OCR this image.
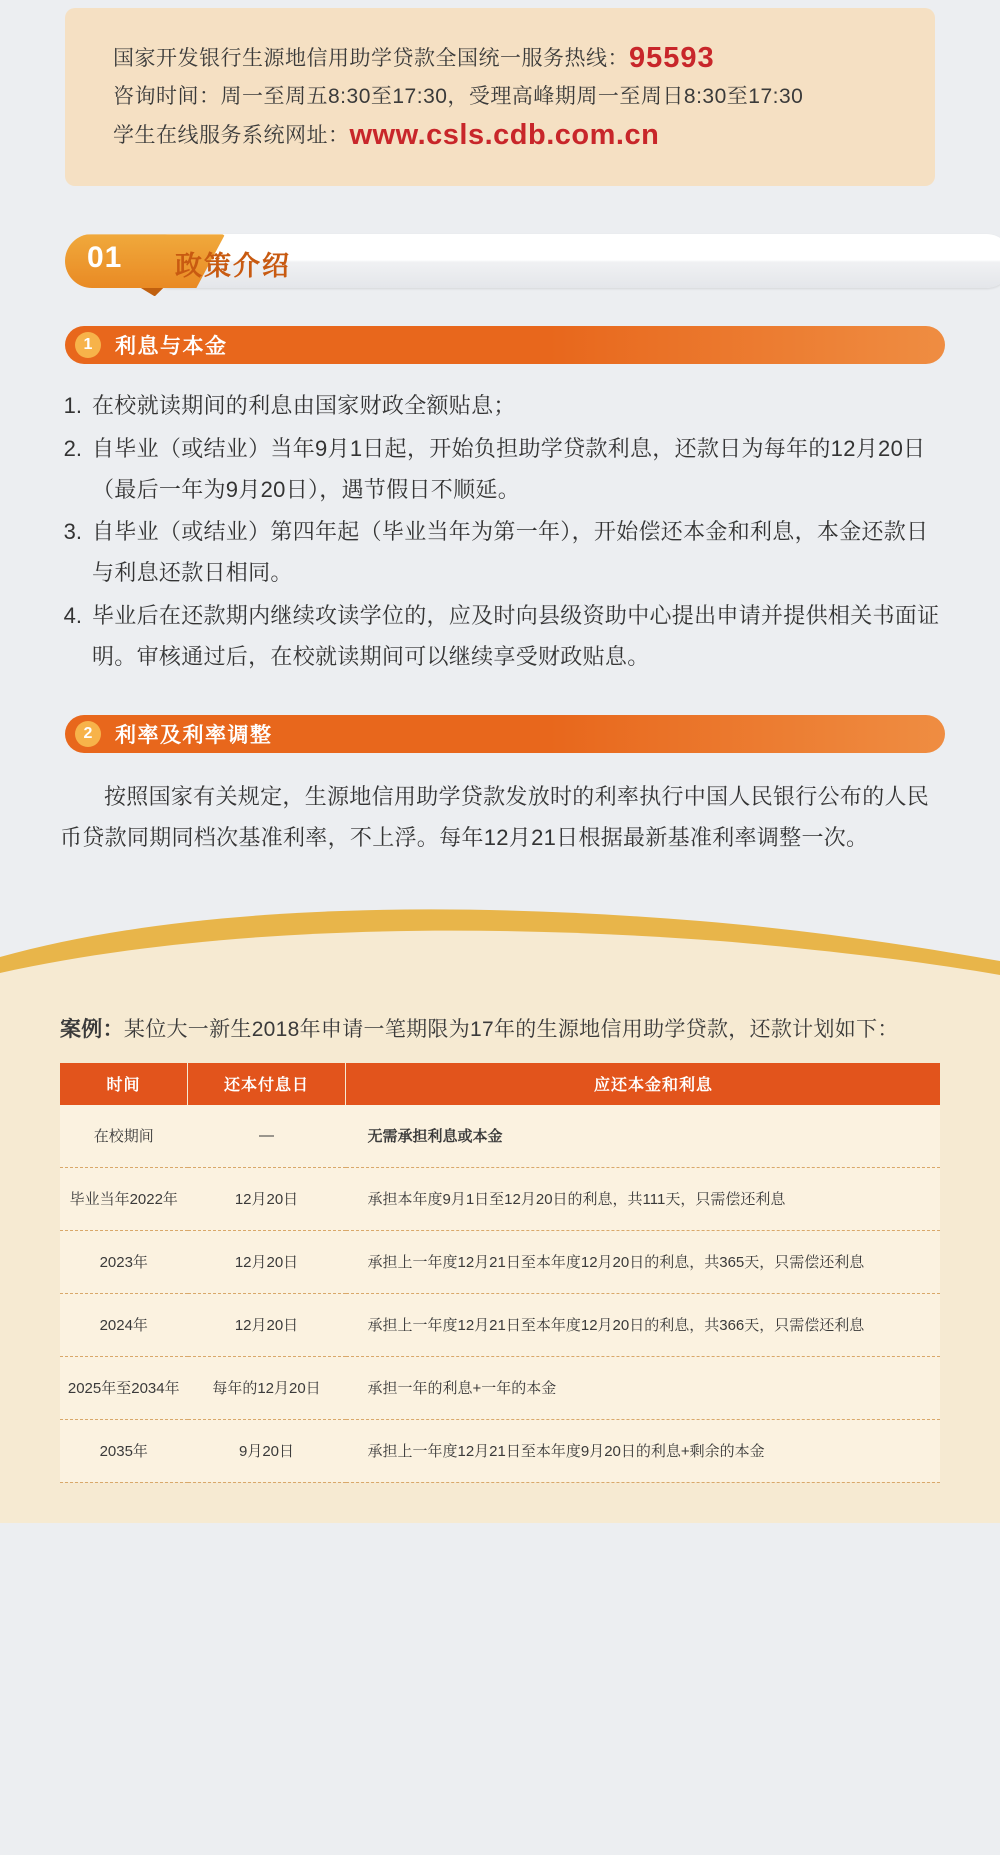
国家开发银行生源地信用助学贷款全国统一服务热线：95593
咨询时间：周一至周五8:30至17:30，受理高峰期周一至周日8:30至17:30
学生在线服务系统网址：www.csls.cdb.com.cn
01 政策介绍
1	利息与本金
1. 在校就读期间的利息由国家财政全额贴息；
2. 自毕业（或结业）当年9月1日起，开始负担助学贷款利息，还款日为每年的12月20日（最后一年为9月20日），遇节假日不顺延。
3. 自毕业（或结业）第四年起（毕业当年为第一年），开始偿还本金和利息，本金还款日与利息还款日相同。
4. 毕业后在还款期内继续攻读学位的，应及时向县级资助中心提出申请并提供相关书面证明。审核通过后，在校就读期间可以继续享受财政贴息。
2	利率及利率调整
按照国家有关规定，生源地信用助学贷款发放时的利率执行中国人民银行公布的人民币贷款同期同档次基准利率，不上浮。每年12月21日根据最新基准利率调整一次。
案例：某位大一新生2018年申请一笔期限为17年的生源地信用助学贷款，还款计划如下：
时间	还本付息日	应还本金和利息
在校期间	—	无需承担利息或本金
毕业当年2022年	12月20日	承担本年度9月1日至12月20日的利息，共111天，只需偿还利息
2023年	12月20日	承担上一年度12月21日至本年度12月20日的利息，共365天，只需偿还利息
2024年	12月20日	承担上一年度12月21日至本年度12月20日的利息，共366天，只需偿还利息
2025年至2034年	每年的12月20日	承担一年的利息+一年的本金
2035年	9月20日	承担上一年度12月21日至本年度9月20日的利息+剩余的本金
